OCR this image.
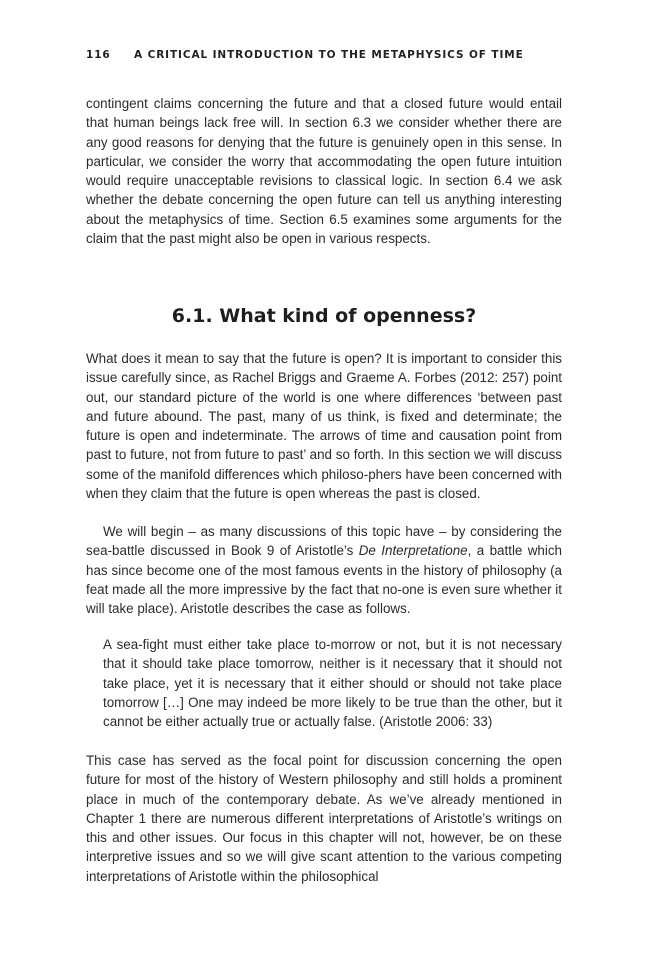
116 A CRITICAL INTRODUCTION TO THE METAPHYSICS OF TIME

contingent claims concerning the future and that a closed future would entail that human beings lack free will. In section 6.3 we consider whether there are any good reasons for denying that the future is genuinely open in this sense. In particular, we consider the worry that accommodating the open future intuition would require unacceptable revisions to classical logic. In section 6.4 we ask whether the debate concerning the open future can tell us anything interesting about the metaphysics of time. Section 6.5 examines some arguments for the claim that the past might also be open in various respects.

6.1. What kind of openness?

What does it mean to say that the future is open? It is important to consider this issue carefully since, as Rachel Briggs and Graeme A. Forbes (2012: 257) point out, our standard picture of the world is one where differences ‘between past and future abound. The past, many of us think, is fixed and determinate; the future is open and indeterminate. The arrows of time and causation point from past to future, not from future to past’ and so forth. In this section we will discuss some of the manifold differences which philoso-phers have been concerned with when they claim that the future is open whereas the past is closed.

We will begin – as many discussions of this topic have – by considering the sea-battle discussed in Book 9 of Aristotle’s De Interpretatione, a battle which has since become one of the most famous events in the history of philosophy (a feat made all the more impressive by the fact that no-one is even sure whether it will take place). Aristotle describes the case as follows.

A sea-fight must either take place to-morrow or not, but it is not necessary that it should take place tomorrow, neither is it necessary that it should not take place, yet it is necessary that it either should or should not take place tomorrow […] One may indeed be more likely to be true than the other, but it cannot be either actually true or actually false. (Aristotle 2006: 33)

This case has served as the focal point for discussion concerning the open future for most of the history of Western philosophy and still holds a prominent place in much of the contemporary debate. As we’ve already mentioned in Chapter 1 there are numerous different interpretations of Aristotle’s writings on this and other issues. Our focus in this chapter will not, however, be on these interpretive issues and so we will give scant attention to the various competing interpretations of Aristotle within the philosophical
